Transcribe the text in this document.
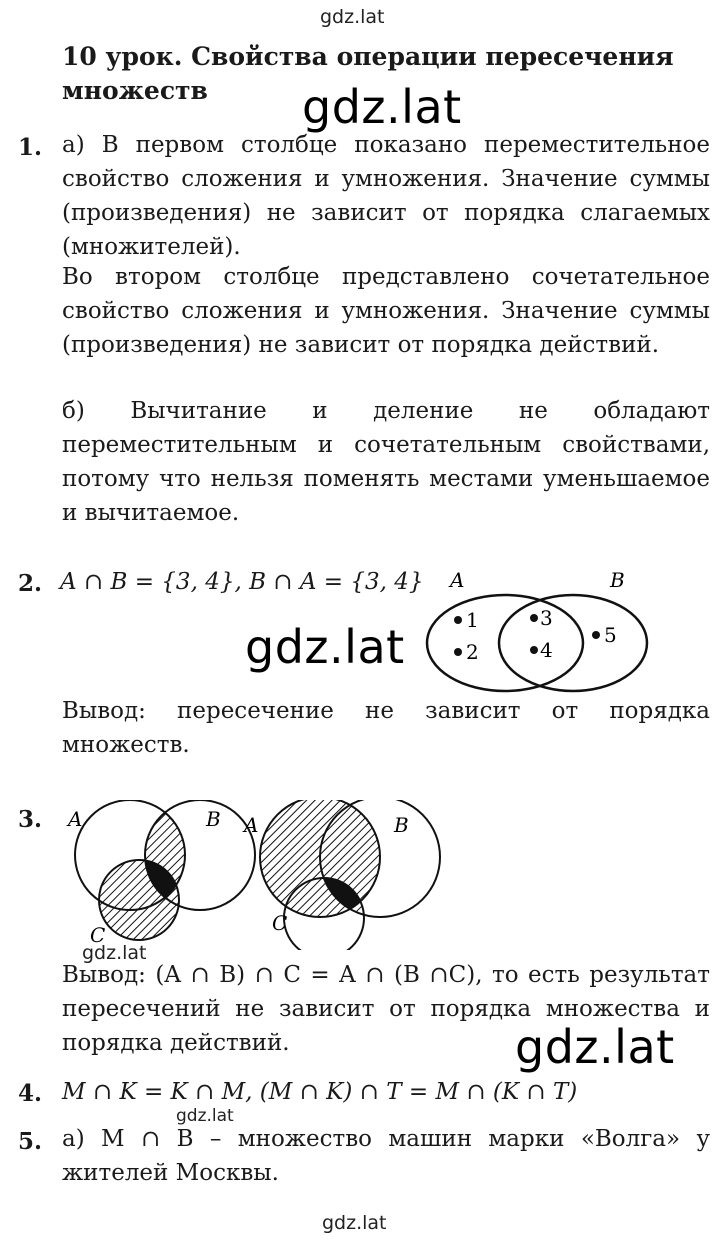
gdz.lat
10 урок. Свойства операции пересечения множеств	gdz.lat
1. а) В первом столбце показано переместительное свойство сложения и умножения. Значение суммы (произведения) не зависит от порядка слагаемых (множителей).
Во втором столбце представлено сочетательное свойство сложения и умножения. Значение суммы (произведения) не зависит от порядка действий.
б) Вычитание и деление не обладают переместительным и сочетательным свойствами, потому что нельзя поменять местами уменьшаемое и вычитаемое.
2. A ∩ B = {3, 4}, B ∩ A = {3, 4} A	B
1
2
3
4
5
gdz.lat
Вывод: пересечение не зависит от порядка множеств.
3. A	B
C
A	B
C
gdz.lat
Вывод: (A ∩ B) ∩ C = A ∩ (B ∩C), то есть результат пересечений не зависит от порядка множества и порядка действий.	gdz.lat
4. M ∩ K = K ∩ M, (M ∩ K) ∩ T = M ∩ (K ∩ T)
gdz.lat
5. а) M ∩ B – множество машин марки «Волга» у жителей Москвы.
gdz.lat
